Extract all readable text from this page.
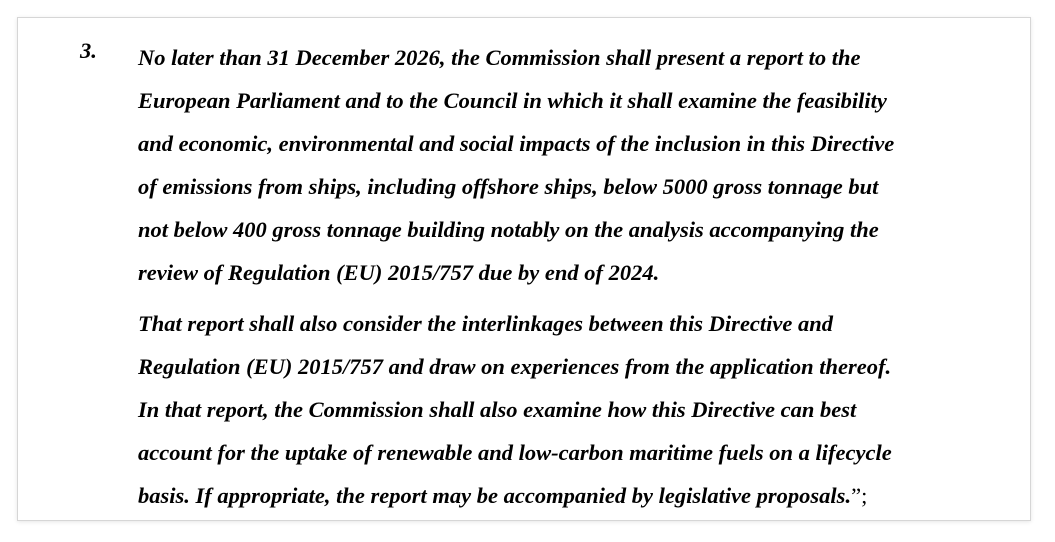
3. No later than 31 December 2026, the Commission shall present a report to the
European Parliament and to the Council in which it shall examine the feasibility
and economic, environmental and social impacts of the inclusion in this Directive
of emissions from ships, including offshore ships, below 5000 gross tonnage but
not below 400 gross tonnage building notably on the analysis accompanying the
review of Regulation (EU) 2015/757 due by end of 2024.
That report shall also consider the interlinkages between this Directive and
Regulation (EU) 2015/757 and draw on experiences from the application thereof.
In that report, the Commission shall also examine how this Directive can best
account for the uptake of renewable and low-carbon maritime fuels on a lifecycle
basis. If appropriate, the report may be accompanied by legislative proposals.”;
